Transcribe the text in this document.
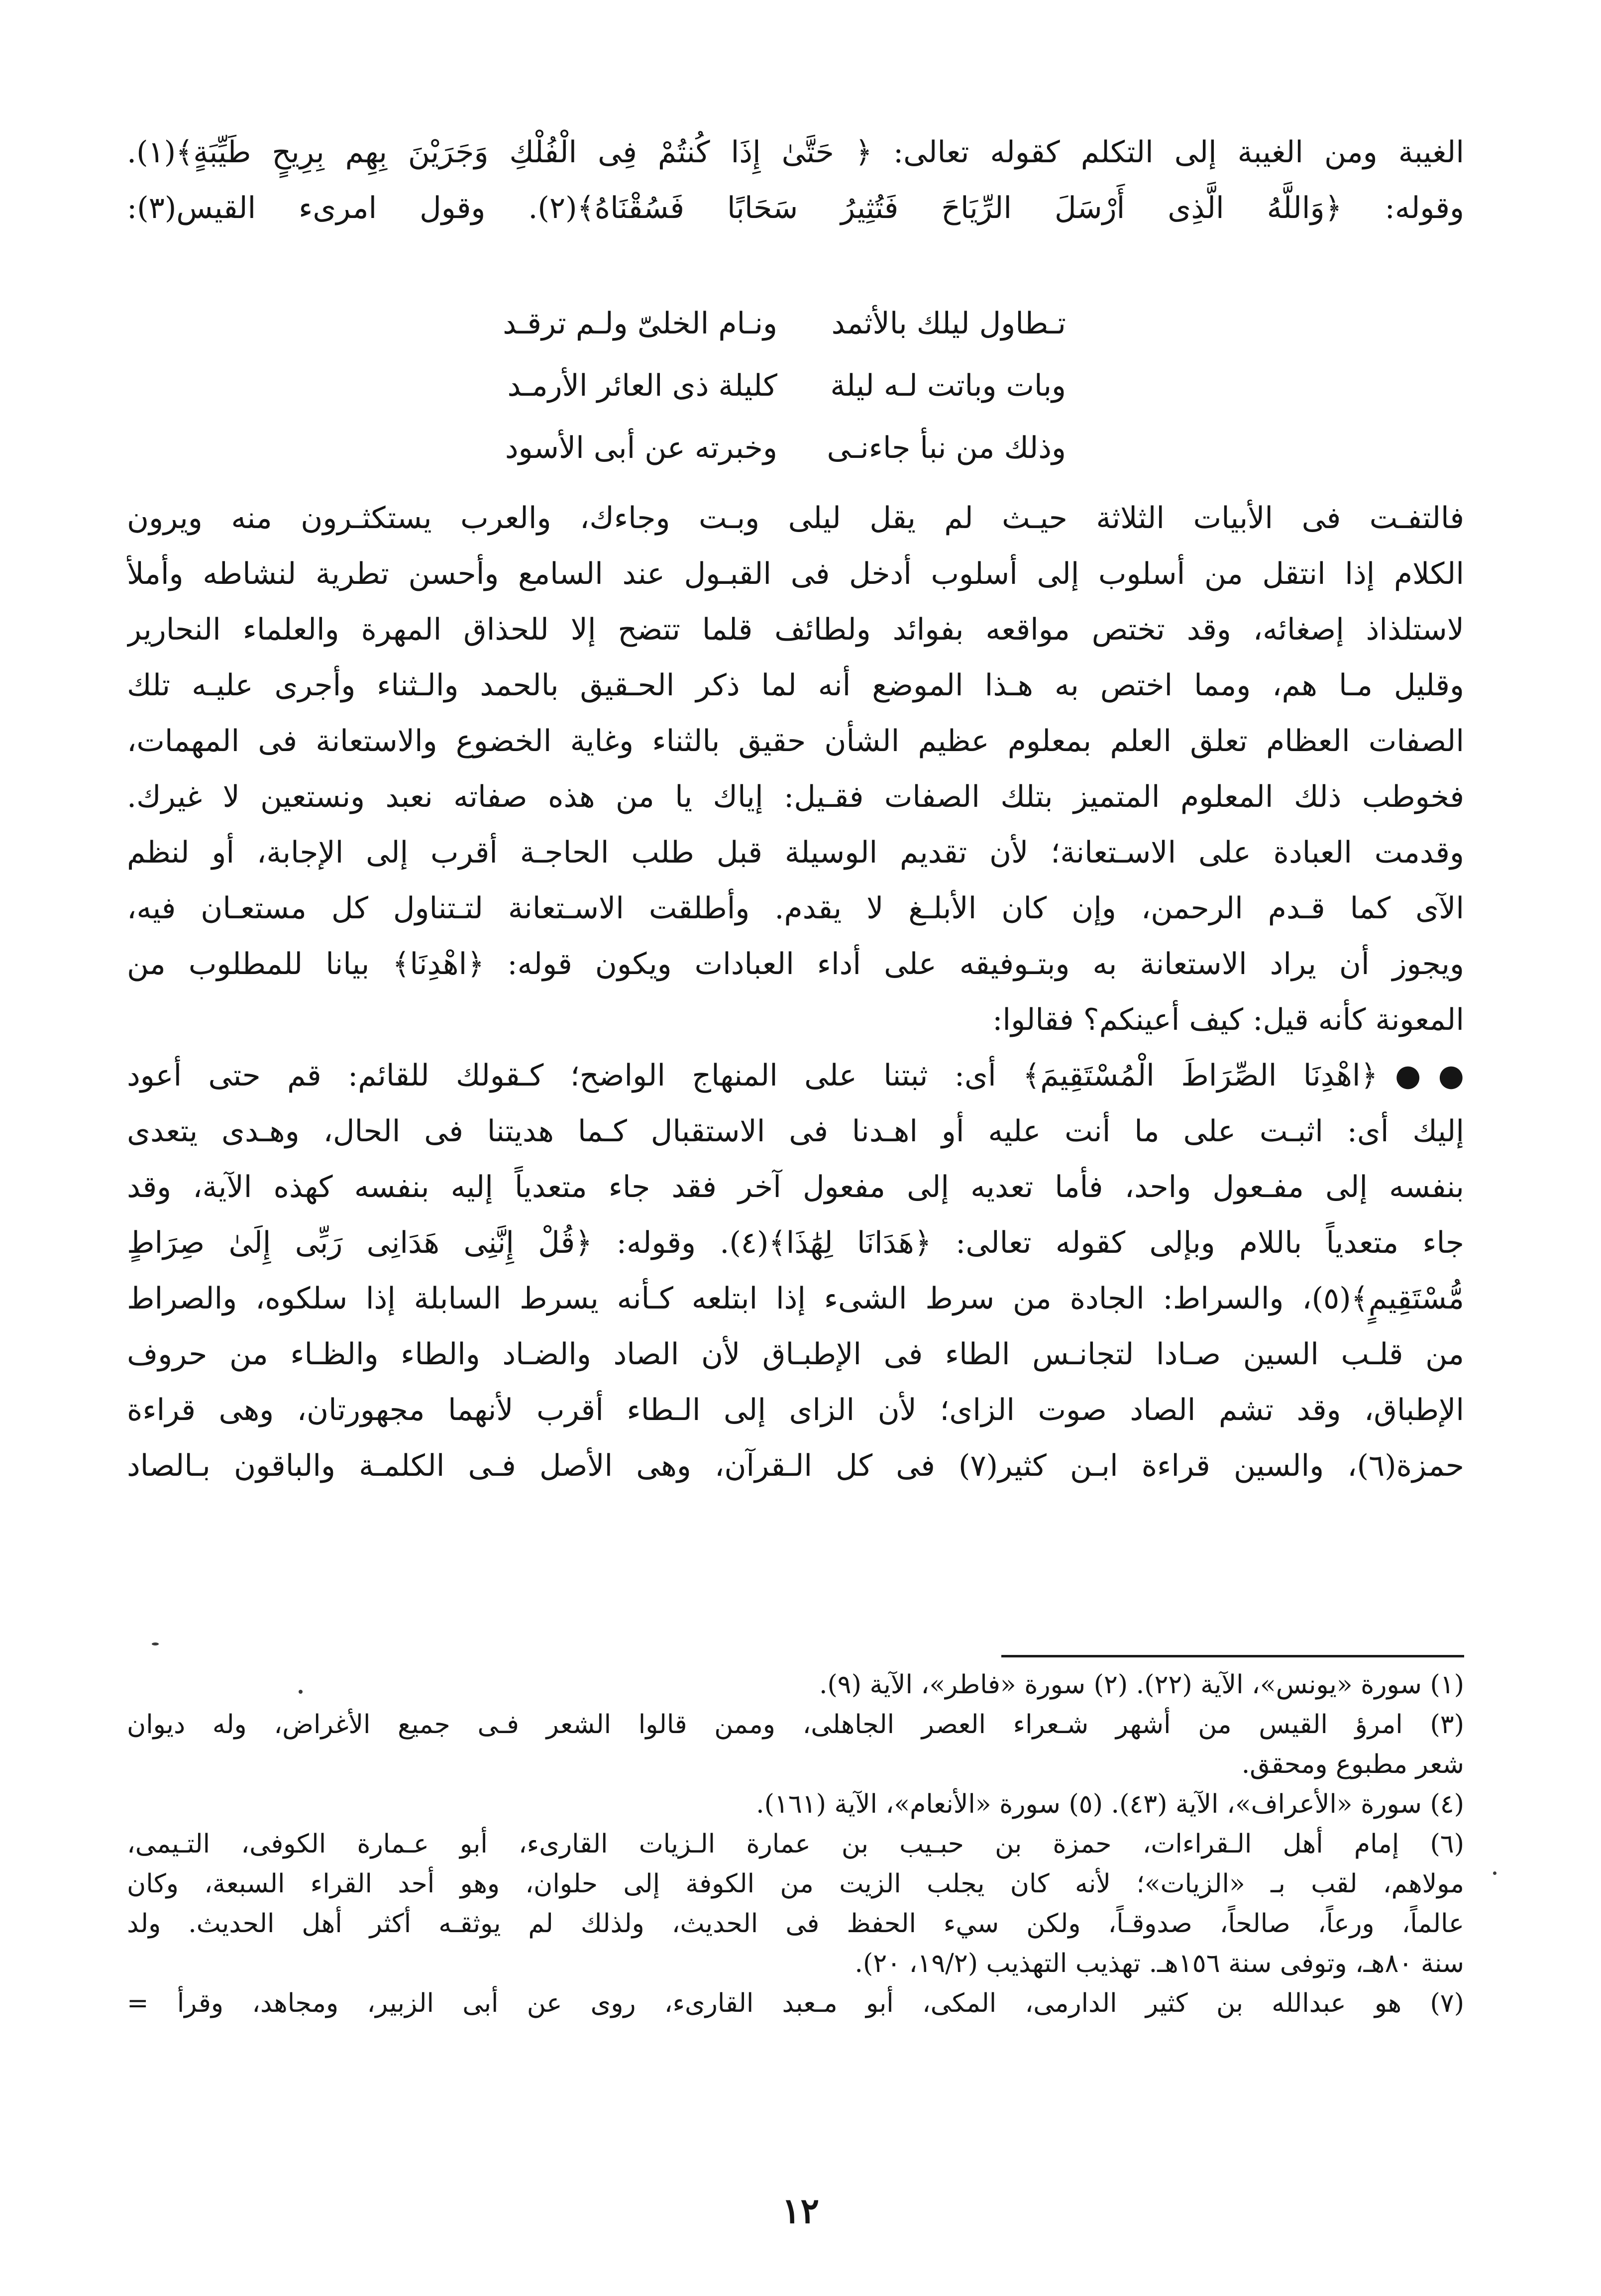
الغيبة ومن الغيبة إلى التكلم كقوله تعالى: ﴿ حَتَّىٰ إِذَا كُنتُمْ فِى الْفُلْكِ وَجَرَيْنَ بِهِم بِرِيحٍ طَيِّبَةٍ﴾(١).
وقوله: ﴿وَاللَّهُ الَّذِى أَرْسَلَ الرِّيَاحَ فَتُثِيرُ سَحَابًا فَسُقْنَاهُ﴾(٢). وقول امرىء القيس(٣):
تـطاول ليلك بالأثمد
ونـام الخلىّ ولـم ترقـد
وبات وباتت لـه ليلة
كليلة ذى العائر الأرمـد
وذلك من نبأ جاءنـى
وخبرته عن أبى الأسود
فالتفـت فى الأبيات الثلاثة حيـث لم يقل ليلى وبـت وجاءك، والعرب يستكثـرون منه ويرون
الكلام إذا انتقل من أسلوب إلى أسلوب أدخل فى القبـول عند السامع وأحسن تطرية لنشاطه وأملأ
لاستلذاذ إصغائه، وقد تختص مواقعه بفوائد ولطائف قلما تتضح إلا للحذاق المهرة والعلماء النحارير
وقليل مـا هم، ومما اختص به هـذا الموضع أنه لما ذكر الحـقيق بالحمد والـثناء وأجرى عليـه تلك
الصفات العظام تعلق العلم بمعلوم عظيم الشأن حقيق بالثناء وغاية الخضوع والاستعانة فى المهمات،
فخوطب ذلك المعلوم المتميز بتلك الصفات فقـيل: إياك يا من هذه صفاته نعبد ونستعين لا غيرك.
وقدمت العبادة على الاسـتعانة؛ لأن تقديم الوسيلة قبل طلب الحاجـة أقرب إلى الإجابة، أو لنظم
الآى كما قـدم الرحمن، وإن كان الأبلـغ لا يقدم. وأطلقت الاسـتعانة لتـتناول كل مستعـان فيه،
ويجوز أن يراد الاستعانة به وبتـوفيقه على أداء العبادات ويكون قوله: ﴿اهْدِنَا﴾ بيانا للمطلوب من
المعونة كأنه قيل: كيف أعينكم؟ فقالوا:
●●﴿اهْدِنَا الصِّرَاطَ الْمُسْتَقِيمَ﴾ أى: ثبتنا على المنهاج الواضح؛ كـقولك للقائم: قم حتى أعود
إليك أى: اثبـت على ما أنت عليه أو اهـدنا فى الاستقبال كـما هديتنا فى الحال، وهـدى يتعدى
بنفسه إلى مفـعول واحد، فأما تعديه إلى مفعول آخر فقد جاء متعدياً إليه بنفسه كهذه الآية، وقد
جاء متعدياً باللام وبإلى كقوله تعالى: ﴿هَدَانَا لِهَٰذَا﴾(٤). وقوله: ﴿قُلْ إِنَّنِى هَدَانِى رَبِّى إِلَىٰ صِرَاطٍ
مُّسْتَقِيمٍ﴾(٥)، والسراط: الجادة من سرط الشىء إذا ابتلعه كـأنه يسرط السابلة إذا سلكوه، والصراط
من قلـب السين صـادا لتجانـس الطاء فى الإطبـاق لأن الصاد والضـاد والطاء والظـاء من حروف
الإطباق، وقد تشم الصاد صوت الزاى؛ لأن الزاى إلى الـطاء أقرب لأنهما مجهورتان، وهى قراءة
حمزة(٦)، والسين قراءة ابـن كثير(٧) فى كل الـقرآن، وهى الأصل فـى الكلمـة والباقون بـالصاد
(١) سورة «يونس»، الآية (٢٢). (٢) سورة «فاطر»، الآية (٩).
(٣) امرؤ القيس من أشهر شـعراء العصر الجاهلى، وممن قالوا الشعر فـى جميع الأغراض، وله ديوان
شعر مطبوع ومحقق.
(٤) سورة «الأعراف»، الآية (٤٣). (٥) سورة «الأنعام»، الآية (١٦١).
(٦) إمام أهل الـقراءات، حمزة بن حبـيب بن عمارة الـزيات القارىء، أبو عـمارة الكوفى، التـيمى،
مولاهم، لقب بـ «الزيات»؛ لأنه كان يجلب الزيت من الكوفة إلى حلوان، وهو أحد القراء السبعة، وكان
عالماً، ورعاً، صالحاً، صدوقـاً، ولكن سيء الحفظ فى الحديث، ولذلك لم يوثقـه أكثر أهل الحديث. ولد
سنة ٨٠هـ، وتوفى سنة ١٥٦هـ. تهذيب التهذيب (١٩/٢، ٢٠).
(٧) هو عبدالله بن كثير الدارمى، المكى، أبو مـعبد القارىء، روى عن أبى الزبير، ومجاهد، وقرأ =
١٢
